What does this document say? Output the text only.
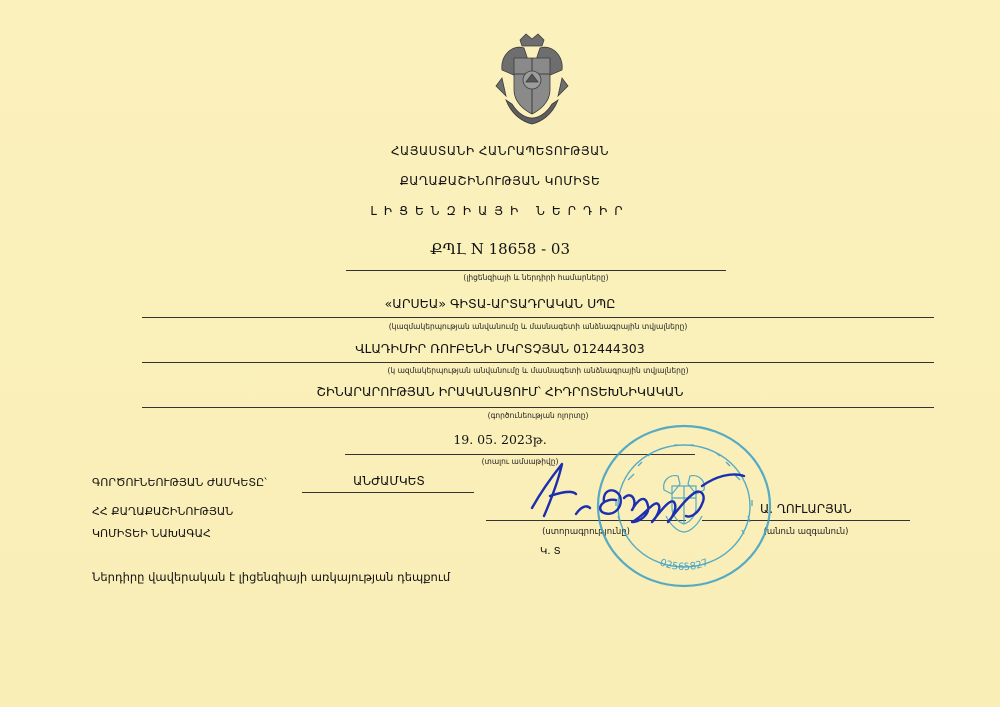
ՀԱՅԱՍՏԱՆԻ ՀԱՆՐԱՊԵՏՈՒԹՅԱՆ
ՔԱՂԱՔԱՇԻՆՈՒԹՅԱՆ ԿՈՄԻՏԵ
ԼԻՑԵՆԶԻԱՅԻ ՆԵՐԴԻՐ
ՔՊԼ N 18658 - 03
(լիցենզիայի և ներդիրի համարները)
«ԱՐՍԵԱ» ԳԻՏԱ-ԱՐՏԱԴՐԱԿԱՆ ՍՊԸ
(կազմակերպության անվանումը և մասնագետի անձնագրային տվյալները)
ՎԼԱԴԻՄԻՐ ՌՈՒԲԵՆԻ ՄԿՐՏՉՅԱՆ 012444303
(կ ազմակերպության անվանումը և մասնագետի անձնագրային տվյալները)
ՇԻՆԱՐԱՐՈՒԹՅԱՆ ԻՐԱԿԱՆԱՑՈՒՄ՝ ՀԻԴՐՈՏԵԽՆԻԿԱԿԱՆ
(գործունեության ոլորտը)
19. 05. 2023թ.
(տալու ամսաթիվը)
ԳՈՐԾՈՒՆԵՈՒԹՅԱՆ ԺԱՄԿԵՏԸ՝	ԱՆԺԱՄԿԵՏ
ՀՀ ՔԱՂԱՔԱՇԻՆՈՒԹՅԱՆ
ԿՈՄԻՏԵԻ ՆԱԽԱԳԱՀ	(ստորագրությունը)
Կ. Տ
Ա. ՂՈՒԼԱՐՅԱՆ
(անուն ազգանուն)
02565827
Ներդիրը վավերական է լիցենզիայի առկայության դեպքում
